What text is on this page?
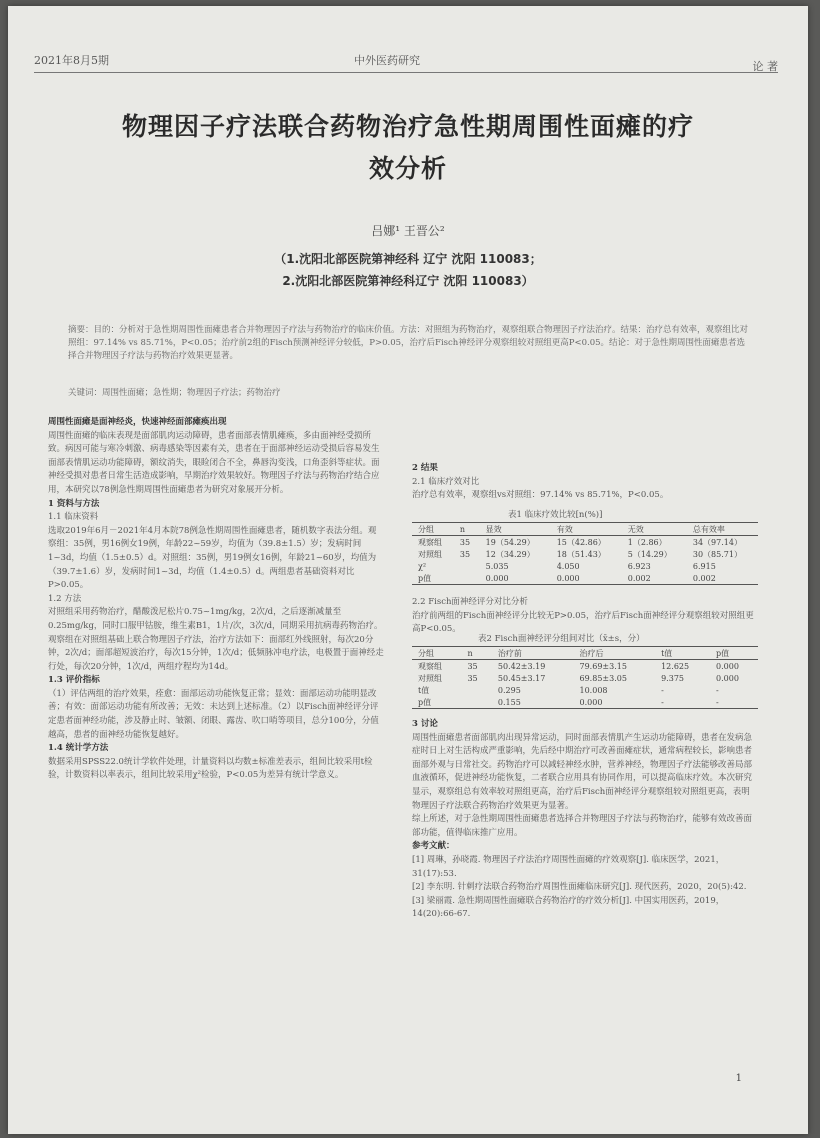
2021年8月5期	中外医药研究	论 著
物理因子疗法联合药物治疗急性期周围性面瘫的疗
效分析
吕娜¹ 王晋公²
（1.沈阳北部医院第神经科 辽宁 沈阳 110083；
2.沈阳北部医院第神经科辽宁 沈阳 110083）
摘要：目的：分析对于急性期周围性面瘫患者合并物理因子疗法与药物治疗的临床价值。方法：对照组为药物治疗，观察组联合物理因子疗法治疗。结果：治疗总有效率，观察组比对照组：97.14% vs 85.71%，P<0.05；治疗前2组的Fisch预测神经评分较低，P>0.05，治疗后Fisch神经评分观察组较对照组更高P<0.05。结论：对于急性期周围性面瘫患者选择合并物理因子疗法与药物治疗效果更显著。
关键词：周围性面瘫；急性期；物理因子疗法；药物治疗

周围性面瘫是面神经炎，快速神经面部瘫痪出现

周围性面瘫的临床表现是面部肌肉运动障碍，患者面部表情肌瘫痪，多由面神经受损所致。病因可能与寒冷刺激、病毒感染等因素有关，患者在于面部神经运动受损后容易发生面部表情肌运动功能障碍，额纹消失，眼睑闭合不全，鼻唇沟变浅，口角歪斜等症状。面神经受损对患者日常生活造成影响，早期治疗效果较好。物理因子疗法与药物治疗结合应用，本研究以78例急性期周围性面瘫患者为研究对象展开分析。

1 资料与方法

1.1 临床资料

选取2019年6月－2021年4月本院78例急性期周围性面瘫患者，随机数字表法分组。观察组：35例，男16例女19例，年龄22~59岁，均值为（39.8±1.5）岁；发病时间1~3d，均值（1.5±0.5）d。对照组：35例，男19例女16例，年龄21~60岁，均值为（39.7±1.6）岁，发病时间1~3d，均值（1.4±0.5）d。两组患者基础资料对比P>0.05。

1.2 方法

对照组采用药物治疗，醋酸泼尼松片0.75~1mg/kg，2次/d，之后逐渐减量至0.25mg/kg，同时口服甲钴胺，维生素B1，1片/次，3次/d，同期采用抗病毒药物治疗。观察组在对照组基础上联合物理因子疗法，治疗方法如下：面部红外线照射，每次20分钟，2次/d；面部超短波治疗，每次15分钟，1次/d；低频脉冲电疗法，电极置于面神经走行处，每次20分钟，1次/d，两组疗程均为14d。

1.3 评价指标

（1）评估两组的治疗效果，痊愈：面部运动功能恢复正常；显效：面部运动功能明显改善；有效：面部运动功能有所改善；无效：未达到上述标准。（2）以Fisch面神经评分评定患者面神经功能，涉及静止时、皱额、闭眼、露齿、吹口哨等项目，总分100分，分值越高，患者的面神经功能恢复越好。

1.4 统计学方法

数据采用SPSS22.0统计学软件处理，计量资料以均数±标准差表示，组间比较采用t检验，计数资料以率表示，组间比较采用χ²检验，P<0.05为差异有统计学意义。

2 结果

2.1 临床疗效对比

治疗总有效率，观察组vs对照组：97.14% vs 85.71%，P<0.05。

表1 临床疗效比较[n(%)]
分组	n	显效	有效	无效	总有效率
观察组	35	19（54.29）	15（42.86）	1（2.86）	34（97.14）
对照组	35	12（34.29）	18（51.43）	5（14.29）	30（85.71）
χ²		5.035	4.050	6.923	6.915
p值		0.000	0.000	0.002	0.002

2.2 Fisch面神经评分对比分析

治疗前两组的Fisch面神经评分比较无P>0.05，治疗后Fisch面神经评分观察组较对照组更高P<0.05。

表2 Fisch面神经评分组间对比（x̄±s，分）
分组	n	治疗前	治疗后	t值	p值
观察组	35	50.42±3.19	79.69±3.15	12.625	0.000
对照组	35	50.45±3.17	69.85±3.05	9.375	0.000
t值		0.295	10.008	-	-
p值		0.155	0.000	-	-

3 讨论

周围性面瘫患者面部肌肉出现异常运动，同时面部表情肌产生运动功能障碍，患者在发病急症时日上对生活构成严重影响，先后经中期治疗可改善面瘫症状，通常病程较长，影响患者面部外观与日常社交。药物治疗可以减轻神经水肿，营养神经，物理因子疗法能够改善局部血液循环，促进神经功能恢复，二者联合应用具有协同作用，可以提高临床疗效。本次研究显示，观察组总有效率较对照组更高，治疗后Fisch面神经评分观察组较对照组更高，表明物理因子疗法联合药物治疗效果更为显著。

综上所述，对于急性期周围性面瘫患者选择合并物理因子疗法与药物治疗，能够有效改善面部功能，值得临床推广应用。

参考文献：

[1] 周琳，孙晓霞. 物理因子疗法治疗周围性面瘫的疗效观察[J]. 临床医学，2021，31(17):53.

[2] 李东明. 针刺疗法联合药物治疗周围性面瘫临床研究[J]. 现代医药，2020，20(5):42.

[3] 梁丽霞. 急性期周围性面瘫联合药物治疗的疗效分析[J]. 中国实用医药，2019，14(20):66-67.

1
